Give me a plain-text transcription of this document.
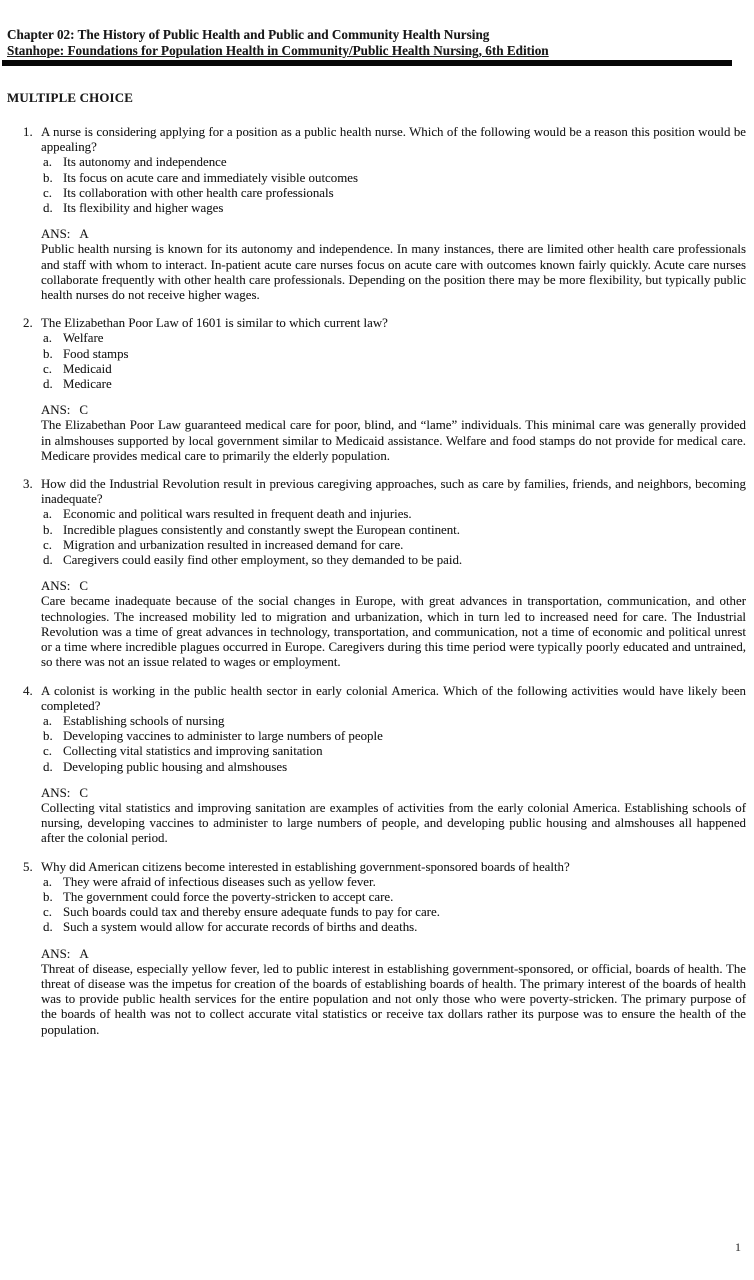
Chapter 02: The History of Public Health and Public and Community Health Nursing
Stanhope: Foundations for Population Health in Community/Public Health Nursing, 6th Edition
MULTIPLE CHOICE
1. A nurse is considering applying for a position as a public health nurse. Which of the following would be a reason this position would be appealing?
a. Its autonomy and independence
b. Its focus on acute care and immediately visible outcomes
c. Its collaboration with other health care professionals
d. Its flexibility and higher wages
ANS: A
Public health nursing is known for its autonomy and independence. In many instances, there are limited other health care professionals and staff with whom to interact. In-patient acute care nurses focus on acute care with outcomes known fairly quickly. Acute care nurses collaborate frequently with other health care professionals. Depending on the position there may be more flexibility, but typically public health nurses do not receive higher wages.
2. The Elizabethan Poor Law of 1601 is similar to which current law?
a. Welfare
b. Food stamps
c. Medicaid
d. Medicare
ANS: C
The Elizabethan Poor Law guaranteed medical care for poor, blind, and “lame” individuals. This minimal care was generally provided in almshouses supported by local government similar to Medicaid assistance. Welfare and food stamps do not provide for medical care. Medicare provides medical care to primarily the elderly population.
3. How did the Industrial Revolution result in previous caregiving approaches, such as care by families, friends, and neighbors, becoming inadequate?
a. Economic and political wars resulted in frequent death and injuries.
b. Incredible plagues consistently and constantly swept the European continent.
c. Migration and urbanization resulted in increased demand for care.
d. Caregivers could easily find other employment, so they demanded to be paid.
ANS: C
Care became inadequate because of the social changes in Europe, with great advances in transportation, communication, and other technologies. The increased mobility led to migration and urbanization, which in turn led to increased need for care. The Industrial Revolution was a time of great advances in technology, transportation, and communication, not a time of economic and political unrest or a time where incredible plagues occurred in Europe. Caregivers during this time period were typically poorly educated and untrained, so there was not an issue related to wages or employment.
4. A colonist is working in the public health sector in early colonial America. Which of the following activities would have likely been completed?
a. Establishing schools of nursing
b. Developing vaccines to administer to large numbers of people
c. Collecting vital statistics and improving sanitation
d. Developing public housing and almshouses
ANS: C
Collecting vital statistics and improving sanitation are examples of activities from the early colonial America. Establishing schools of nursing, developing vaccines to administer to large numbers of people, and developing public housing and almshouses all happened after the colonial period.
5. Why did American citizens become interested in establishing government-sponsored boards of health?
a. They were afraid of infectious diseases such as yellow fever.
b. The government could force the poverty-stricken to accept care.
c. Such boards could tax and thereby ensure adequate funds to pay for care.
d. Such a system would allow for accurate records of births and deaths.
ANS: A
Threat of disease, especially yellow fever, led to public interest in establishing government-sponsored, or official, boards of health. The threat of disease was the impetus for creation of the boards of establishing boards of health. The primary interest of the boards of health was to provide public health services for the entire population and not only those who were poverty-stricken. The primary purpose of the boards of health was not to collect accurate vital statistics or receive tax dollars rather its purpose was to ensure the health of the population.
1
